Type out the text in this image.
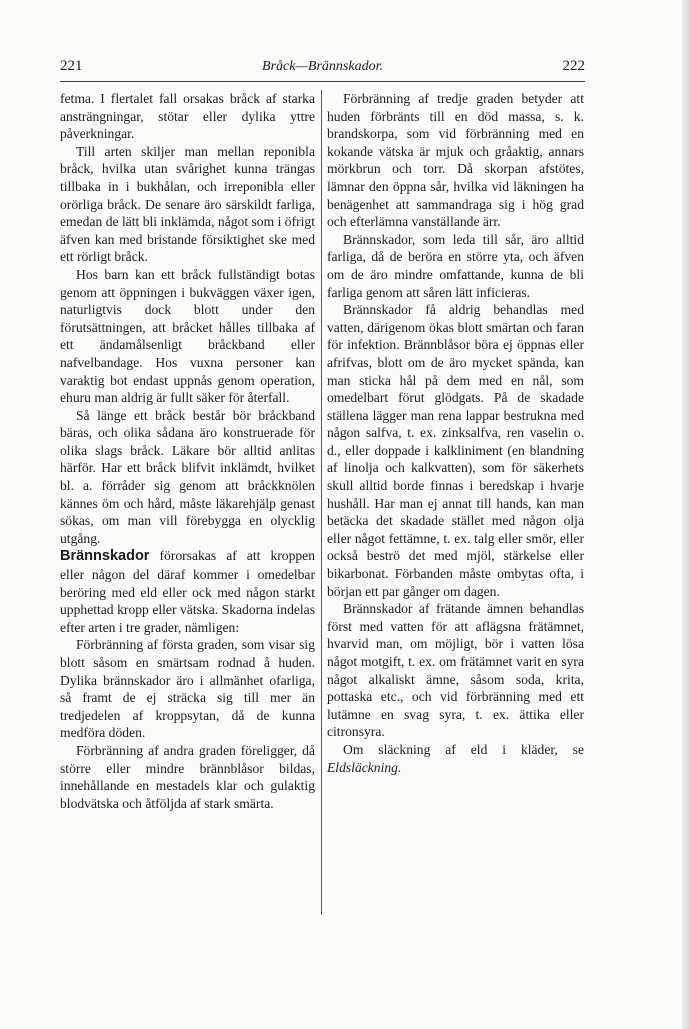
221	Bråck—Brännskador.	222

fetma. I flertalet fall orsakas bråck af starka ansträngningar, stötar eller dylika yttre påverkningar.

Till arten skiljer man mellan reponibla bråck, hvilka utan svårighet kunna trängas tillbaka in i bukhålan, och irreponibla eller orörliga bråck. De senare äro särskildt farliga, emedan de lätt bli inklämda, något som i öfrigt äfven kan med bristande försiktighet ske med ett rörligt bråck.

Hos barn kan ett bråck fullständigt botas genom att öppningen i bukväggen växer igen, naturligtvis dock blott under den förutsättningen, att bråcket hålles tillbaka af ett ändamålsenligt bråckband eller nafvelbandage. Hos vuxna personer kan varaktig bot endast uppnås genom operation, ehuru man aldrig är fullt säker för återfall.

Så länge ett bråck består bör bråckband bäras, och olika sådana äro konstruerade för olika slags bråck. Läkare bör alltid anlitas härför. Har ett bråck blifvit inklämdt, hvilket bl. a. förråder sig genom att bråckknölen kännes öm och hård, måste läkarehjälp genast sökas, om man vill förebygga en olycklig utgång.

Brännskador förorsakas af att kroppen eller någon del däraf kommer i omedelbar beröring med eld eller ock med någon starkt upphettad kropp eller vätska. Skadorna indelas efter arten i tre grader, nämligen:

Förbränning af första graden, som visar sig blott såsom en smärtsam rodnad å huden. Dylika brännskador äro i allmänhet ofarliga, så framt de ej sträcka sig till mer än tredjedelen af kroppsytan, då de kunna medföra döden.

Förbränning af andra graden föreligger, då större eller mindre brännblåsor bildas, innehållande en mestadels klar och gulaktig blodvätska och åtföljda af stark smärta.

Förbränning af tredje graden betyder att huden förbränts till en död massa, s. k. brandskorpa, som vid förbränning med en kokande vätska är mjuk och gråaktig, annars mörkbrun och torr. Då skorpan afstötes, lämnar den öppna sår, hvilka vid läkningen ha benägenhet att sammandraga sig i hög grad och efterlämna vanställande ärr.

Brännskador, som leda till sår, äro alltid farliga, då de beröra en större yta, och äfven om de äro mindre omfattande, kunna de bli farliga genom att såren lätt inficieras.

Brännskador få aldrig behandlas med vatten, därigenom ökas blott smärtan och faran för infektion. Brännblåsor böra ej öppnas eller afrifvas, blott om de äro mycket spända, kan man sticka hål på dem med en nål, som omedelbart förut glödgats. På de skadade ställena lägger man rena lappar bestrukna med någon salfva, t. ex. zinksalfva, ren vaselin o. d., eller doppade i kalkliniment (en blandning af linolja och kalkvatten), som för säkerhets skull alltid borde finnas i beredskap i hvarje hushåll. Har man ej annat till hands, kan man betäcka det skadade stället med någon olja eller något fettämne, t. ex. talg eller smör, eller också beströ det med mjöl, stärkelse eller bikarbonat. Förbanden måste ombytas ofta, i början ett par gånger om dagen.

Brännskador af frätande ämnen behandlas först med vatten för att aflägsna frätämnet, hvarvid man, om möjligt, bör i vatten lösa något motgift, t. ex. om frätämnet varit en syra något alkaliskt ämne, såsom soda, krita, pottaska etc., och vid förbränning med ett lutämne en svag syra, t. ex. ättika eller citronsyra.

Om släckning af eld i kläder, se Eldsläckning.
